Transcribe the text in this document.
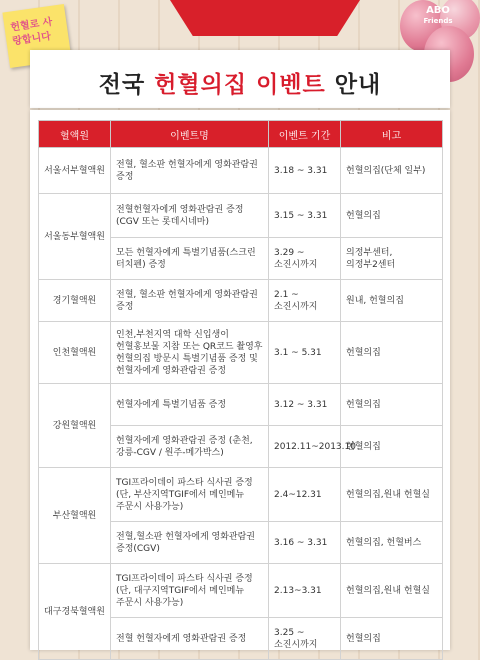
헌혈로 사랑합니다
ABO
Friends
전국 헌혈의집 이벤트 안내
혈액원	이벤트명	이벤트 기간	비고
서울서부혈액원	전혈, 혈소판 헌혈자에게 영화관람권 증정	3.18 ~ 3.31	헌혈의집(단체 일부)
서울동부혈액원	전혈헌혈자에게 영화관람권 증정 (CGV 또는 롯데시네마)	3.15 ~ 3.31	헌혈의집
	모든 헌혈자에게 특별기념품(스크린 터치펜) 증정	3.29 ~ 소진시까지	의정부센터, 의정부2센터
경기혈액원	전혈, 혈소판 헌혈자에게 영화관람권 증정	2.1 ~ 소진시까지	원내, 헌혈의집
인천혈액원	인천,부천지역 대학 신입생이 헌혈홍보물 지참 또는 QR코드 촬영후 헌혈의집 방문시 특별기념품 증정 및 헌혈자에게 영화관람권 증정	3.1 ~ 5.31	헌혈의집
강원혈액원	헌혈자에게 특별기념품 증정	3.12 ~ 3.31	헌혈의집
	헌혈자에게 영화관람권 증정 (춘천,강릉-CGV / 원주-메가박스)	2012.11~2013.10	헌혈의집
부산혈액원	TGI프라이데이 파스타 식사권 증정 (단, 부산지역TGIF에서 메인메뉴 주문시 사용가능)	2.4~12.31	헌혈의집,원내 헌혈실
	전혈,혈소판 헌혈자에게 영화관람권 증정(CGV)	3.16 ~ 3.31	헌혈의집, 헌혈버스
대구경북혈액원	TGI프라이데이 파스타 식사권 증정 (단, 대구지역TGIF에서 메인메뉴 주문시 사용가능)	2.13~3.31	헌혈의집,원내 헌혈실
	전혈 헌혈자에게 영화관람권 증정	3.25 ~ 소진시까지	헌혈의집
